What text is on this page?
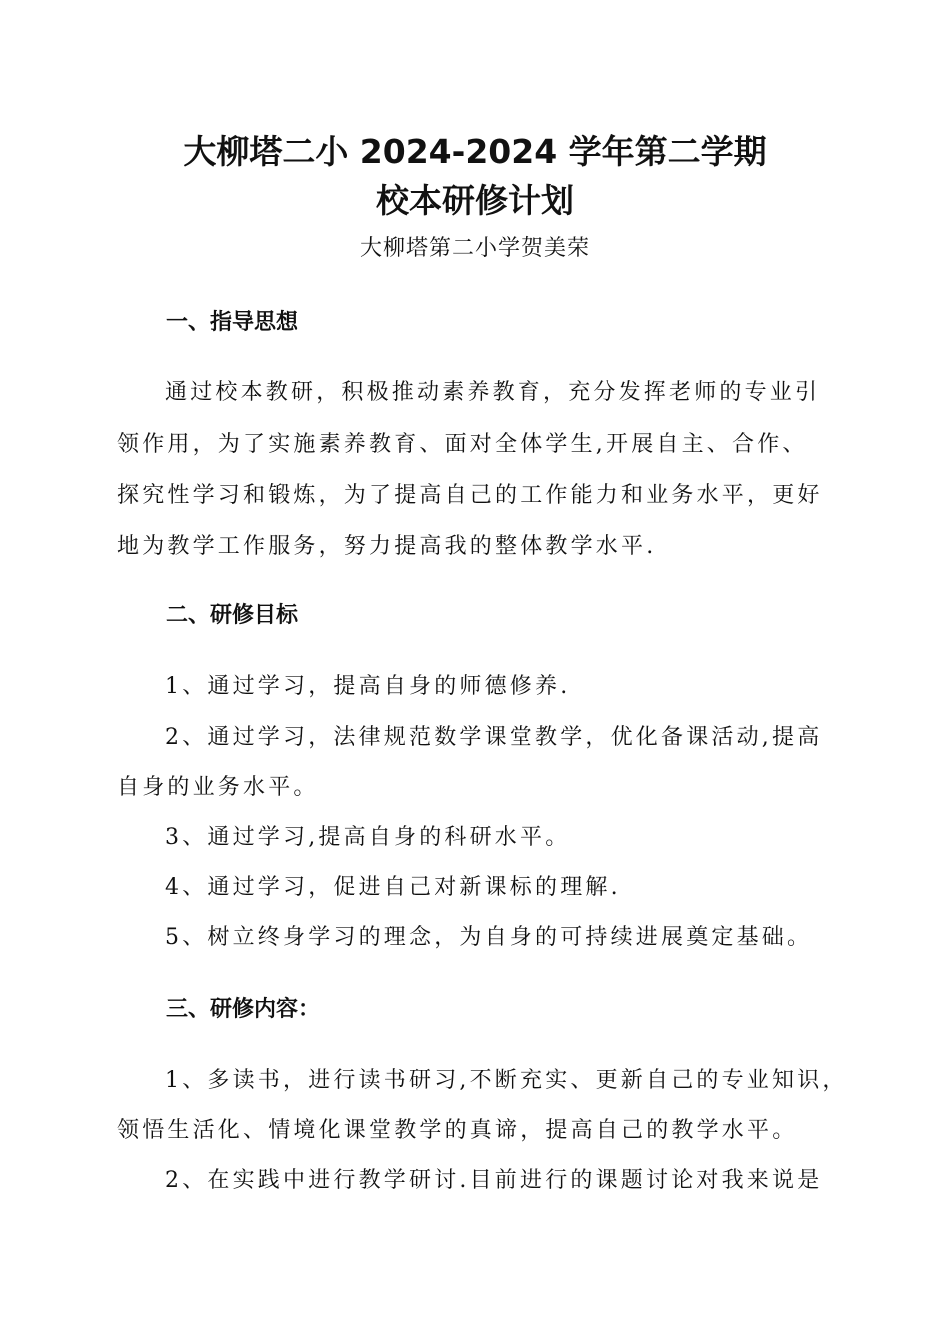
大柳塔二小 2024-2024 学年第二学期
校本研修计划
大柳塔第二小学贺美荣
一、指导思想
通过校本教研，积极推动素养教育，充分发挥老师的专业引
领作用，为了实施素养教育、面对全体学生,开展自主、合作、
探究性学习和锻炼，为了提高自己的工作能力和业务水平，更好
地为教学工作服务，努力提高我的整体教学水平.
二、研修目标
1、通过学习，提高自身的师德修养.
2、通过学习，法律规范数学课堂教学，优化备课活动,提高
自身的业务水平。
3、通过学习,提高自身的科研水平。
4、通过学习，促进自己对新课标的理解.
5、树立终身学习的理念，为自身的可持续进展奠定基础。
三、研修内容：
1、多读书，进行读书研习,不断充实、更新自己的专业知识，
领悟生活化、情境化课堂教学的真谛，提高自己的教学水平。
2、在实践中进行教学研讨.目前进行的课题讨论对我来说是
